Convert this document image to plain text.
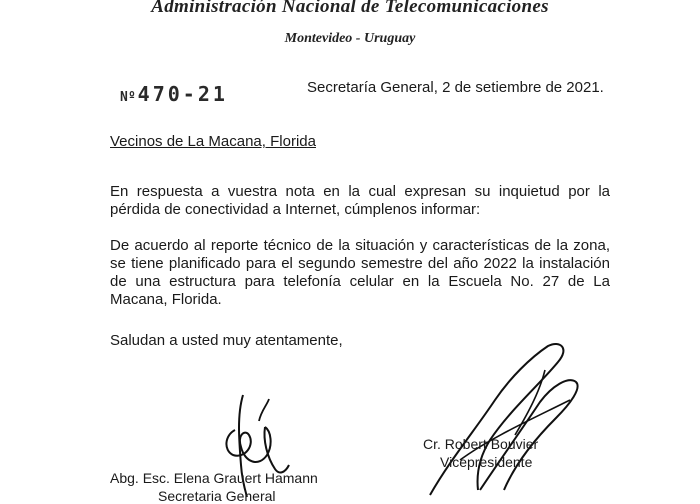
Administración Nacional de Telecomunicaciones
Montevideo - Uruguay
Nº 470-21	Secretaría General, 2 de setiembre de 2021.
Vecinos de La Macana, Florida
En respuesta a vuestra nota en la cual expresan su inquietud por la pérdida de conectividad a Internet, cúmplenos informar:
De acuerdo al reporte técnico de la situación y características de la zona, se tiene planificado para el segundo semestre del año 2022 la instalación de una estructura para telefonía celular en la Escuela No. 27 de La Macana, Florida.
Saludan a usted muy atentamente,
Cr. Robert Bouvier
Vicepresidente
Abg. Esc. Elena Grauert Hamann
Secretaria General
